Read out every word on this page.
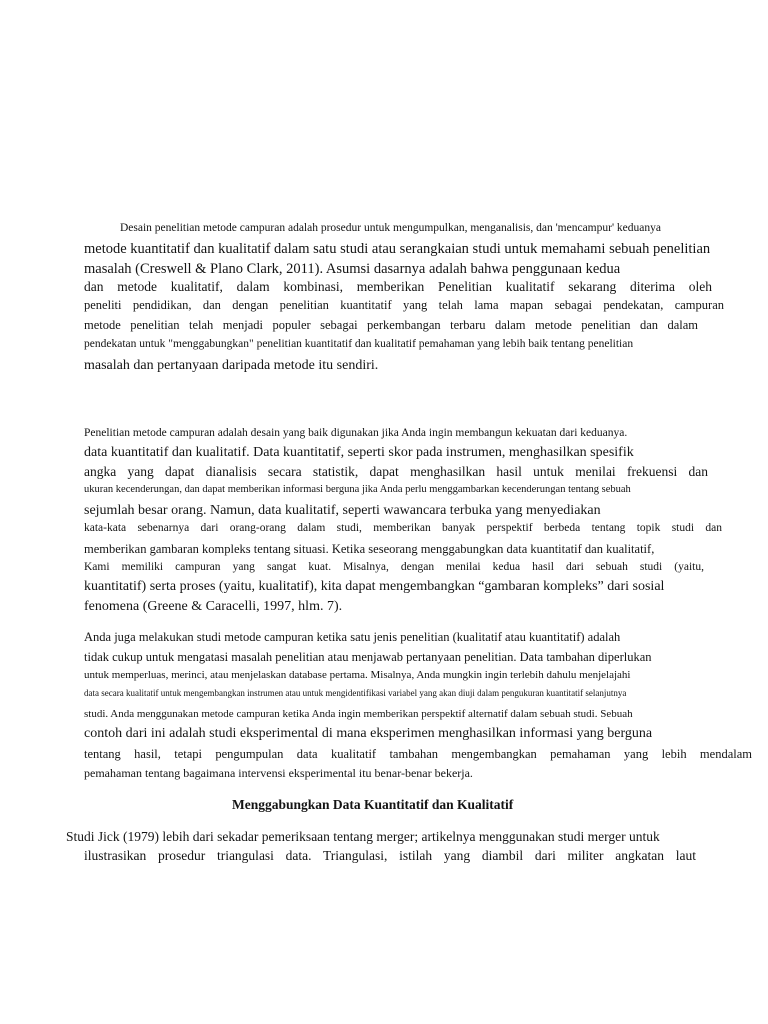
Desain penelitian metode campuran adalah prosedur untuk mengumpulkan, menganalisis, dan 'mencampur' keduanya
metode kuantitatif dan kualitatif dalam satu studi atau serangkaian studi untuk memahami sebuah penelitian
masalah (Creswell & Plano Clark, 2011). Asumsi dasarnya adalah bahwa penggunaan kedua
dan metode kualitatif, dalam kombinasi, memberikan Penelitian kualitatif sekarang diterima oleh
peneliti pendidikan, dan dengan penelitian kuantitatif yang telah lama mapan sebagai pendekatan, campuran
metode penelitian telah menjadi populer sebagai perkembangan terbaru dalam metode penelitian dan dalam
pendekatan untuk "menggabungkan" penelitian kuantitatif dan kualitatif pemahaman yang lebih baik tentang penelitian
masalah dan pertanyaan daripada metode itu sendiri.
Penelitian metode campuran adalah desain yang baik digunakan jika Anda ingin membangun kekuatan dari keduanya.
data kuantitatif dan kualitatif. Data kuantitatif, seperti skor pada instrumen, menghasilkan spesifik
angka yang dapat dianalisis secara statistik, dapat menghasilkan hasil untuk menilai frekuensi dan
ukuran kecenderungan, dan dapat memberikan informasi berguna jika Anda perlu menggambarkan kecenderungan tentang sebuah
sejumlah besar orang. Namun, data kualitatif, seperti wawancara terbuka yang menyediakan
kata-kata sebenarnya dari orang-orang dalam studi, memberikan banyak perspektif berbeda tentang topik studi dan
memberikan gambaran kompleks tentang situasi. Ketika seseorang menggabungkan data kuantitatif dan kualitatif,
Kami memiliki campuran yang sangat kuat. Misalnya, dengan menilai kedua hasil dari sebuah studi (yaitu,
kuantitatif) serta proses (yaitu, kualitatif), kita dapat mengembangkan “gambaran kompleks” dari sosial
fenomena (Greene & Caracelli, 1997, hlm. 7).
Anda juga melakukan studi metode campuran ketika satu jenis penelitian (kualitatif atau kuantitatif) adalah
tidak cukup untuk mengatasi masalah penelitian atau menjawab pertanyaan penelitian. Data tambahan diperlukan
untuk memperluas, merinci, atau menjelaskan database pertama. Misalnya, Anda mungkin ingin terlebih dahulu menjelajahi
data secara kualitatif untuk mengembangkan instrumen atau untuk mengidentifikasi variabel yang akan diuji dalam pengukuran kuantitatif selanjutnya
studi. Anda menggunakan metode campuran ketika Anda ingin memberikan perspektif alternatif dalam sebuah studi. Sebuah
contoh dari ini adalah studi eksperimental di mana eksperimen menghasilkan informasi yang berguna
tentang hasil, tetapi pengumpulan data kualitatif tambahan mengembangkan pemahaman yang lebih mendalam
pemahaman tentang bagaimana intervensi eksperimental itu benar-benar bekerja.
Menggabungkan Data Kuantitatif dan Kualitatif
Studi Jick (1979) lebih dari sekadar pemeriksaan tentang merger; artikelnya menggunakan studi merger untuk
ilustrasikan prosedur triangulasi data. Triangulasi, istilah yang diambil dari militer angkatan laut
